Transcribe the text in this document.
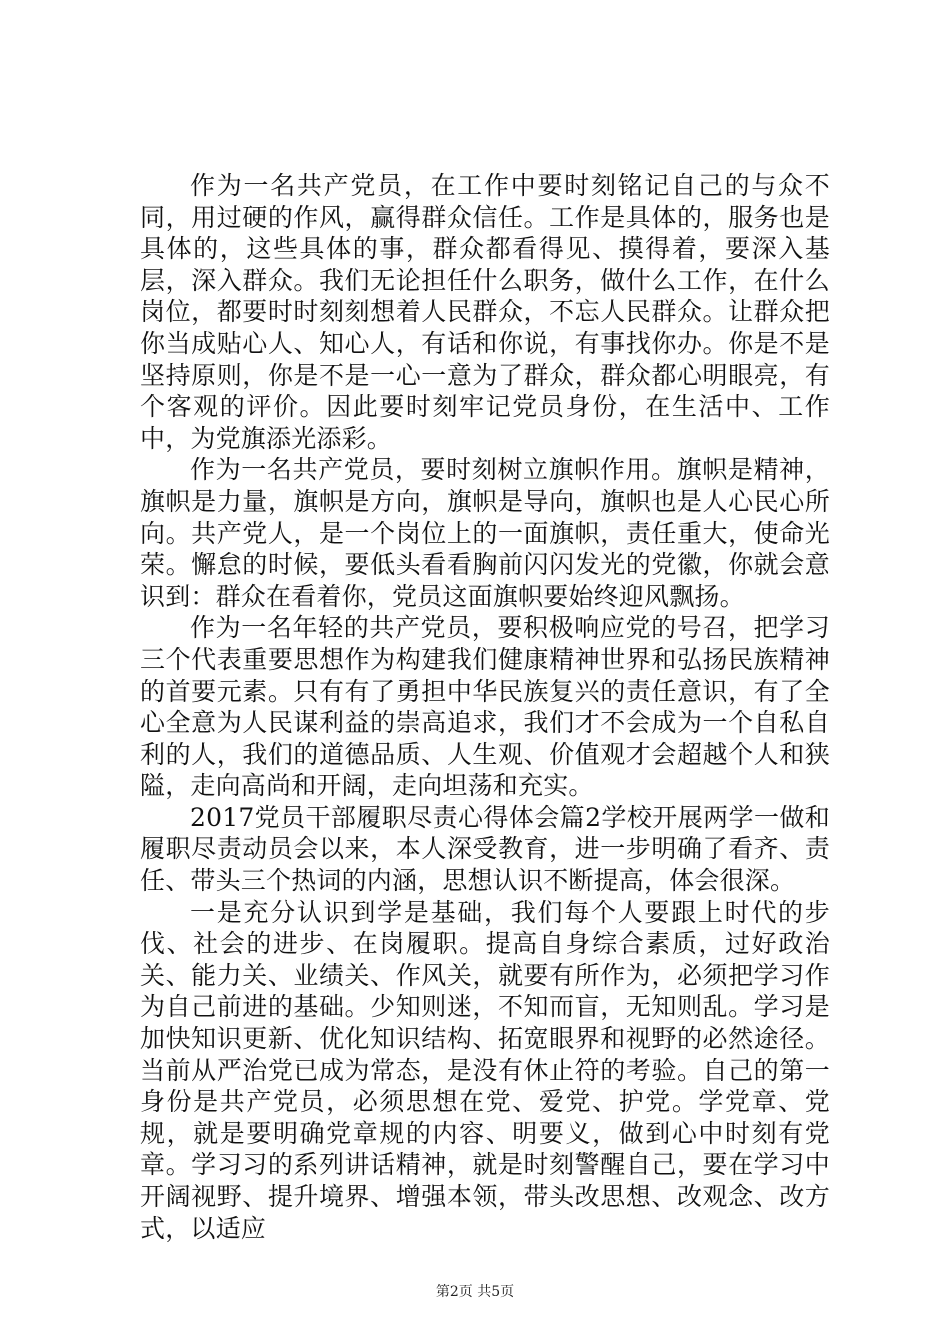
作为一名共产党员，在工作中要时刻铭记自己的与众不同，用过硬的作风，赢得群众信任。工作是具体的，服务也是具体的，这些具体的事，群众都看得见、摸得着，要深入基层，深入群众。我们无论担任什么职务，做什么工作，在什么岗位，都要时时刻刻想着人民群众，不忘人民群众。让群众把你当成贴心人、知心人，有话和你说，有事找你办。你是不是坚持原则，你是不是一心一意为了群众，群众都心明眼亮，有个客观的评价。因此要时刻牢记党员身份，在生活中、工作中，为党旗添光添彩。

作为一名共产党员，要时刻树立旗帜作用。旗帜是精神，旗帜是力量，旗帜是方向，旗帜是导向，旗帜也是人心民心所向。共产党人，是一个岗位上的一面旗帜，责任重大，使命光荣。懈怠的时候，要低头看看胸前闪闪发光的党徽，你就会意识到：群众在看着你，党员这面旗帜要始终迎风飘扬。

作为一名年轻的共产党员，要积极响应党的号召，把学习三个代表重要思想作为构建我们健康精神世界和弘扬民族精神的首要元素。只有有了勇担中华民族复兴的责任意识，有了全心全意为人民谋利益的崇高追求，我们才不会成为一个自私自利的人，我们的道德品质、人生观、价值观才会超越个人和狭隘，走向高尚和开阔，走向坦荡和充实。

2017党员干部履职尽责心得体会篇2学校开展两学一做和履职尽责动员会以来，本人深受教育，进一步明确了看齐、责任、带头三个热词的内涵，思想认识不断提高，体会很深。

一是充分认识到学是基础，我们每个人要跟上时代的步伐、社会的进步、在岗履职。提高自身综合素质，过好政治关、能力关、业绩关、作风关，就要有所作为，必须把学习作为自己前进的基础。少知则迷，不知而盲，无知则乱。学习是加快知识更新、优化知识结构、拓宽眼界和视野的必然途径。当前从严治党已成为常态，是没有休止符的考验。自己的第一身份是共产党员，必须思想在党、爱党、护党。学党章、党规，就是要明确党章规的内容、明要义，做到心中时刻有党章。学习习的系列讲话精神，就是时刻警醒自己，要在学习中开阔视野、提升境界、增强本领，带头改思想、改观念、改方式，以适应

第2页 共5页
